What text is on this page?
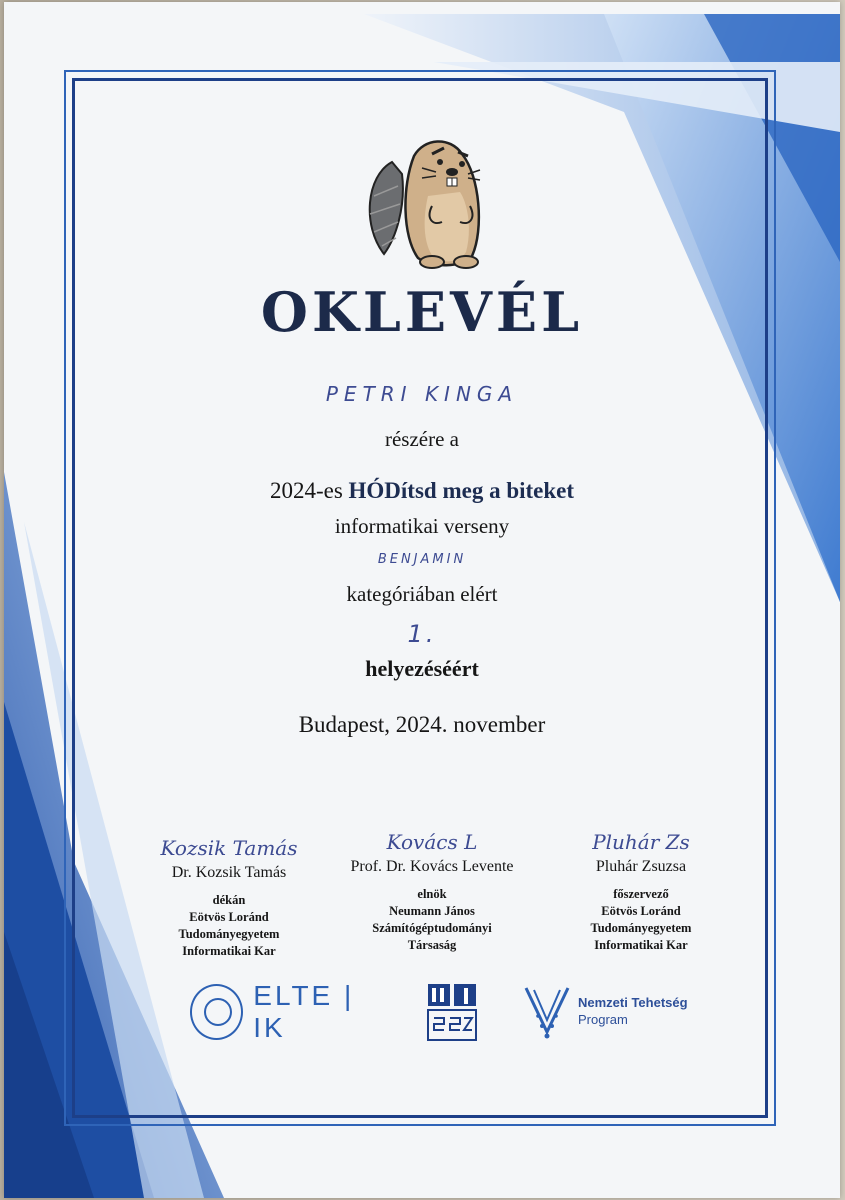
OKLEVÉL
PETRI KINGA
részére a
2024-es HÓDítsd meg a biteket
informatikai verseny
BENJAMIN
kategóriában elért
1.
helyezéséért
Budapest, 2024. november
Kozsik Tamás
Dr. Kozsik Tamás
dékán
Eötvös Loránd
Tudományegyetem
Informatikai Kar
Kovács L
Prof. Dr. Kovács Levente
elnök
Neumann János
Számítógéptudományi
Társaság
Pluhár Zs
Pluhár Zsuzsa
főszervező
Eötvös Loránd
Tudományegyetem
Informatikai Kar
ELTE | IK
Nemzeti Tehetség
Program
